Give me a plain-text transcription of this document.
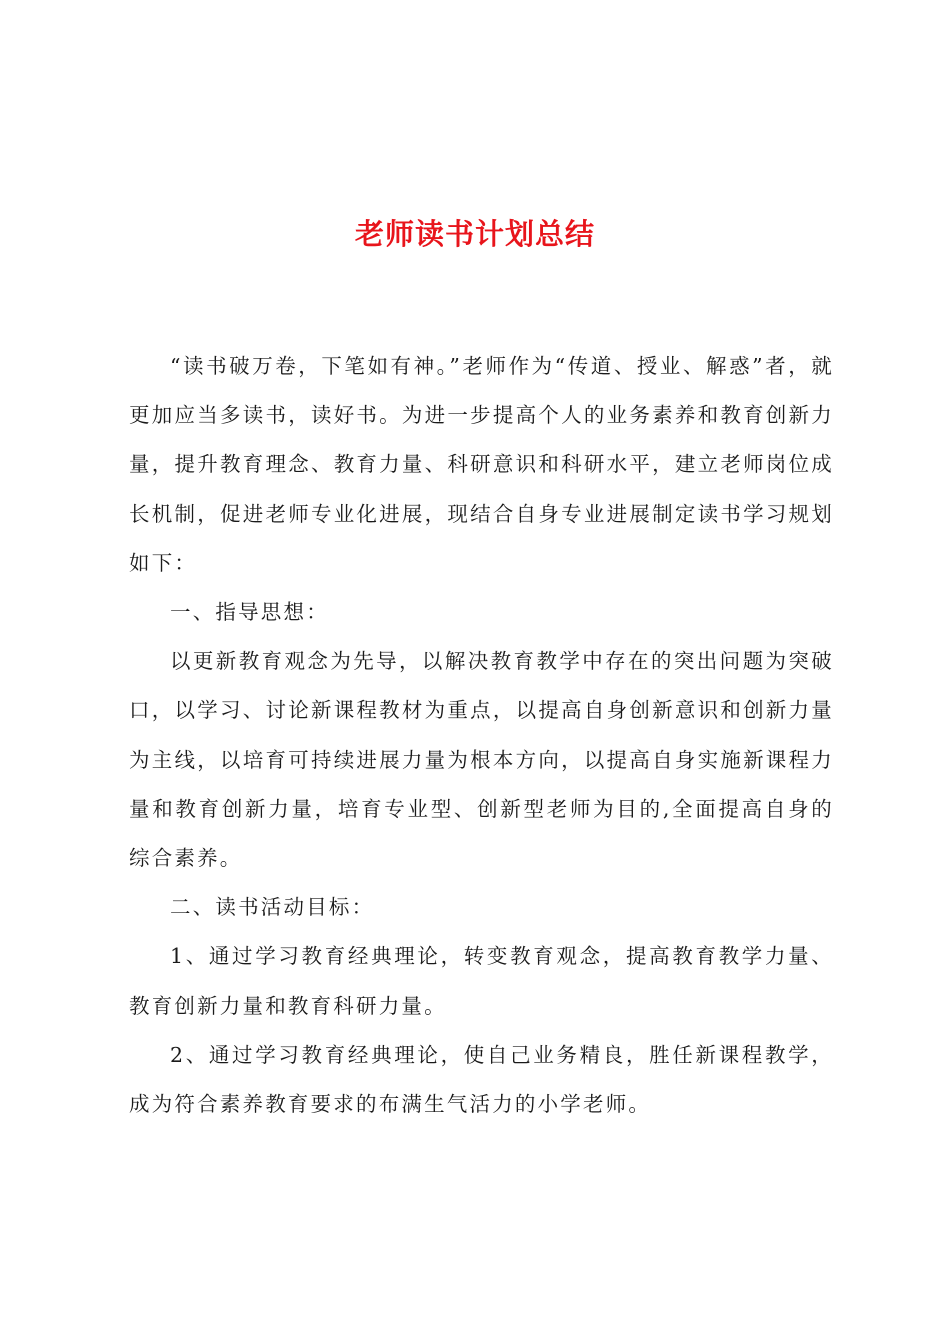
老师读书计划总结

“读书破万卷，下笔如有神。”老师作为“传道、授业、解惑”者，就更加应当多读书，读好书。为进一步提高个人的业务素养和教育创新力量，提升教育理念、教育力量、科研意识和科研水平，建立老师岗位成长机制，促进老师专业化进展，现结合自身专业进展制定读书学习规划如下：

一、指导思想：

以更新教育观念为先导，以解决教育教学中存在的突出问题为突破口，以学习、讨论新课程教材为重点，以提高自身创新意识和创新力量为主线，以培育可持续进展力量为根本方向，以提高自身实施新课程力量和教育创新力量，培育专业型、创新型老师为目的,全面提高自身的综合素养。

二、读书活动目标：

1、通过学习教育经典理论，转变教育观念，提高教育教学力量、教育创新力量和教育科研力量。

2、通过学习教育经典理论，使自己业务精良，胜任新课程教学，成为符合素养教育要求的布满生气活力的小学老师。
